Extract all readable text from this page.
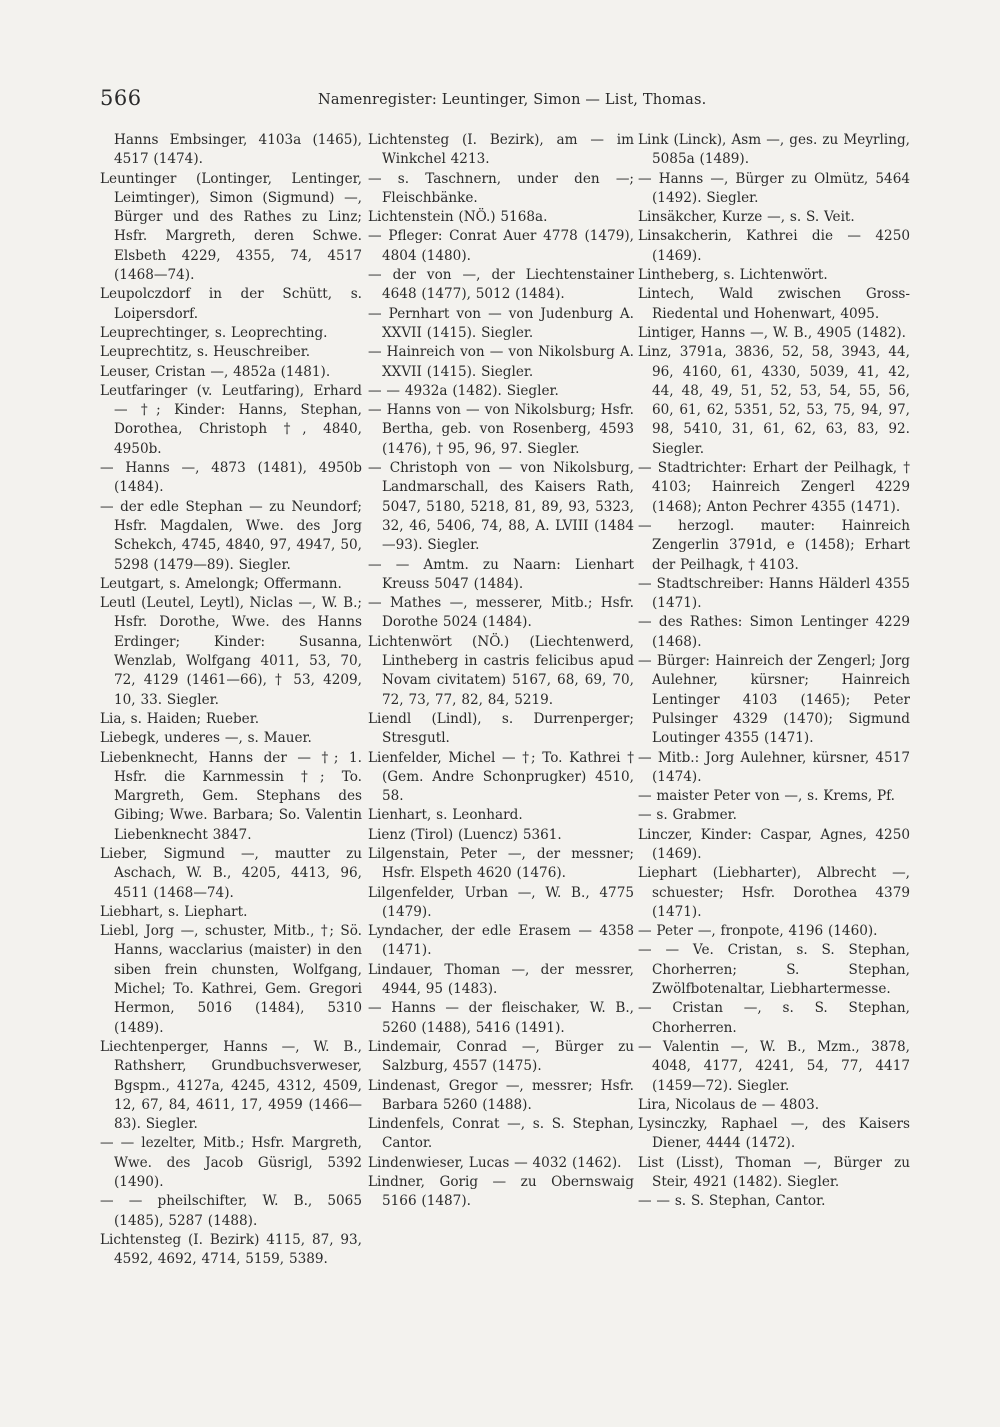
566	Namenregister: Leuntinger, Simon — List, Thomas.

Hanns Embsinger, 4103a (1465), 4517 (1474).

Leuntinger (Lontinger, Lentinger, Leimtinger), Simon (Sigmund) —, Bürger und des Rathes zu Linz; Hsfr. Margreth, deren Schwe. Elsbeth 4229, 4355, 74, 4517 (1468—74).

Leupolczdorf in der Schütt, s. Loipersdorf.

Leuprechtinger, s. Leoprechting.

Leuprechtitz, s. Heuschreiber.

Leuser, Cristan —, 4852a (1481).

Leutfaringer (v. Leutfaring), Erhard — †; Kinder: Hanns, Stephan, Dorothea, Christoph †, 4840, 4950b.

— Hanns —, 4873 (1481), 4950b (1484).

— der edle Stephan — zu Neundorf; Hsfr. Magdalen, Wwe. des Jorg Schekch, 4745, 4840, 97, 4947, 50, 5298 (1479—89). Siegler.

Leutgart, s. Amelongk; Offermann.

Leutl (Leutel, Leytl), Niclas —, W. B.; Hsfr. Dorothe, Wwe. des Hanns Erdinger; Kinder: Susanna, Wenzlab, Wolfgang 4011, 53, 70, 72, 4129 (1461—66), † 53, 4209, 10, 33. Siegler.

Lia, s. Haiden; Rueber.

Liebegk, underes —, s. Mauer.

Liebenknecht, Hanns der — †; 1. Hsfr. die Karnmessin †; To. Margreth, Gem. Stephans des Gibing; Wwe. Barbara; So. Valentin Liebenknecht 3847.

Lieber, Sigmund —, mautter zu Aschach, W. B., 4205, 4413, 96, 4511 (1468—74).

Liebhart, s. Liephart.

Liebl, Jorg —, schuster, Mitb., †; Sö. Hanns, wacclarius (maister) in den siben frein chunsten, Wolfgang, Michel; To. Kathrei, Gem. Gregori Hermon, 5016 (1484), 5310 (1489).

Liechtenperger, Hanns —, W. B., Rathsherr, Grundbuchsverweser, Bgspm., 4127a, 4245, 4312, 4509, 12, 67, 84, 4611, 17, 4959 (1466—83). Siegler.

— — lezelter, Mitb.; Hsfr. Margreth, Wwe. des Jacob Güsrigl, 5392 (1490).

— — pheilschifter, W. B., 5065 (1485), 5287 (1488).

Lichtensteg (I. Bezirk) 4115, 87, 93, 4592, 4692, 4714, 5159, 5389.

Lichtensteg (I. Bezirk), am — im Winkchel 4213.

— s. Taschnern, under den —; Fleischbänke.

Lichtenstein (NÖ.) 5168a.

— Pfleger: Conrat Auer 4778 (1479), 4804 (1480).

— der von —, der Liechtenstainer 4648 (1477), 5012 (1484).

— Pernhart von — von Judenburg A. XXVII (1415). Siegler.

— Hainreich von — von Nikolsburg A. XXVII (1415). Siegler.

— — 4932a (1482). Siegler.

— Hanns von — von Nikolsburg; Hsfr. Bertha, geb. von Rosenberg, 4593 (1476), † 95, 96, 97. Siegler.

— Christoph von — von Nikolsburg, Landmarschall, des Kaisers Rath, 5047, 5180, 5218, 81, 89, 93, 5323, 32, 46, 5406, 74, 88, A. LVIII (1484—93). Siegler.

— — Amtm. zu Naarn: Lienhart Kreuss 5047 (1484).

— Mathes —, messerer, Mitb.; Hsfr. Dorothe 5024 (1484).

Lichtenwört (NÖ.) (Liechtenwerd, Lintheberg in castris felicibus apud Novam civitatem) 5167, 68, 69, 70, 72, 73, 77, 82, 84, 5219.

Liendl (Lindl), s. Durrenperger; Stresgutl.

Lienfelder, Michel — †; To. Kathrei † (Gem. Andre Schonprugker) 4510, 58.

Lienhart, s. Leonhard.

Lienz (Tirol) (Luencz) 5361.

Lilgenstain, Peter —, der messner; Hsfr. Elspeth 4620 (1476).

Lilgenfelder, Urban —, W. B., 4775 (1479).

Lyndacher, der edle Erasem — 4358 (1471).

Lindauer, Thoman —, der messrer, 4944, 95 (1483).

— Hanns — der fleischaker, W. B., 5260 (1488), 5416 (1491).

Lindemair, Conrad —, Bürger zu Salzburg, 4557 (1475).

Lindenast, Gregor —, messrer; Hsfr. Barbara 5260 (1488).

Lindenfels, Conrat —, s. S. Stephan, Cantor.

Lindenwieser, Lucas — 4032 (1462).

Lindner, Gorig — zu Obernswaig 5166 (1487).

Link (Linck), Asm —, ges. zu Meyrling, 5085a (1489).

— Hanns —, Bürger zu Olmütz, 5464 (1492). Siegler.

Linsäkcher, Kurze —, s. S. Veit.

Linsakcherin, Kathrei die — 4250 (1469).

Lintheberg, s. Lichtenwört.

Lintech, Wald zwischen Gross-Riedental und Hohenwart, 4095.

Lintiger, Hanns —, W. B., 4905 (1482).

Linz, 3791a, 3836, 52, 58, 3943, 44, 96, 4160, 61, 4330, 5039, 41, 42, 44, 48, 49, 51, 52, 53, 54, 55, 56, 60, 61, 62, 5351, 52, 53, 75, 94, 97, 98, 5410, 31, 61, 62, 63, 83, 92. Siegler.

— Stadtrichter: Erhart der Peilhagk, † 4103; Hainreich Zengerl 4229 (1468); Anton Pechrer 4355 (1471).

— herzogl. mauter: Hainreich Zengerlin 3791d, e (1458); Erhart der Peilhagk, † 4103.

— Stadtschreiber: Hanns Hälderl 4355 (1471).

— des Rathes: Simon Lentinger 4229 (1468).

— Bürger: Hainreich der Zengerl; Jorg Aulehner, kürsner; Hainreich Lentinger 4103 (1465); Peter Pulsinger 4329 (1470); Sigmund Loutinger 4355 (1471).

— Mitb.: Jorg Aulehner, kürsner, 4517 (1474).

— maister Peter von —, s. Krems, Pf.

— s. Grabmer.

Linczer, Kinder: Caspar, Agnes, 4250 (1469).

Liephart (Liebharter), Albrecht —, schuester; Hsfr. Dorothea 4379 (1471).

— Peter —, fronpote, 4196 (1460).

— — Ve. Cristan, s. S. Stephan, Chorherren; S. Stephan, Zwölfbotenaltar, Liebhartermesse.

— Cristan —, s. S. Stephan, Chorherren.

— Valentin —, W. B., Mzm., 3878, 4048, 4177, 4241, 54, 77, 4417 (1459—72). Siegler.

Lira, Nicolaus de — 4803.

Lysinczky, Raphael —, des Kaisers Diener, 4444 (1472).

List (Lisst), Thoman —, Bürger zu Steir, 4921 (1482). Siegler.

— — s. S. Stephan, Cantor.
